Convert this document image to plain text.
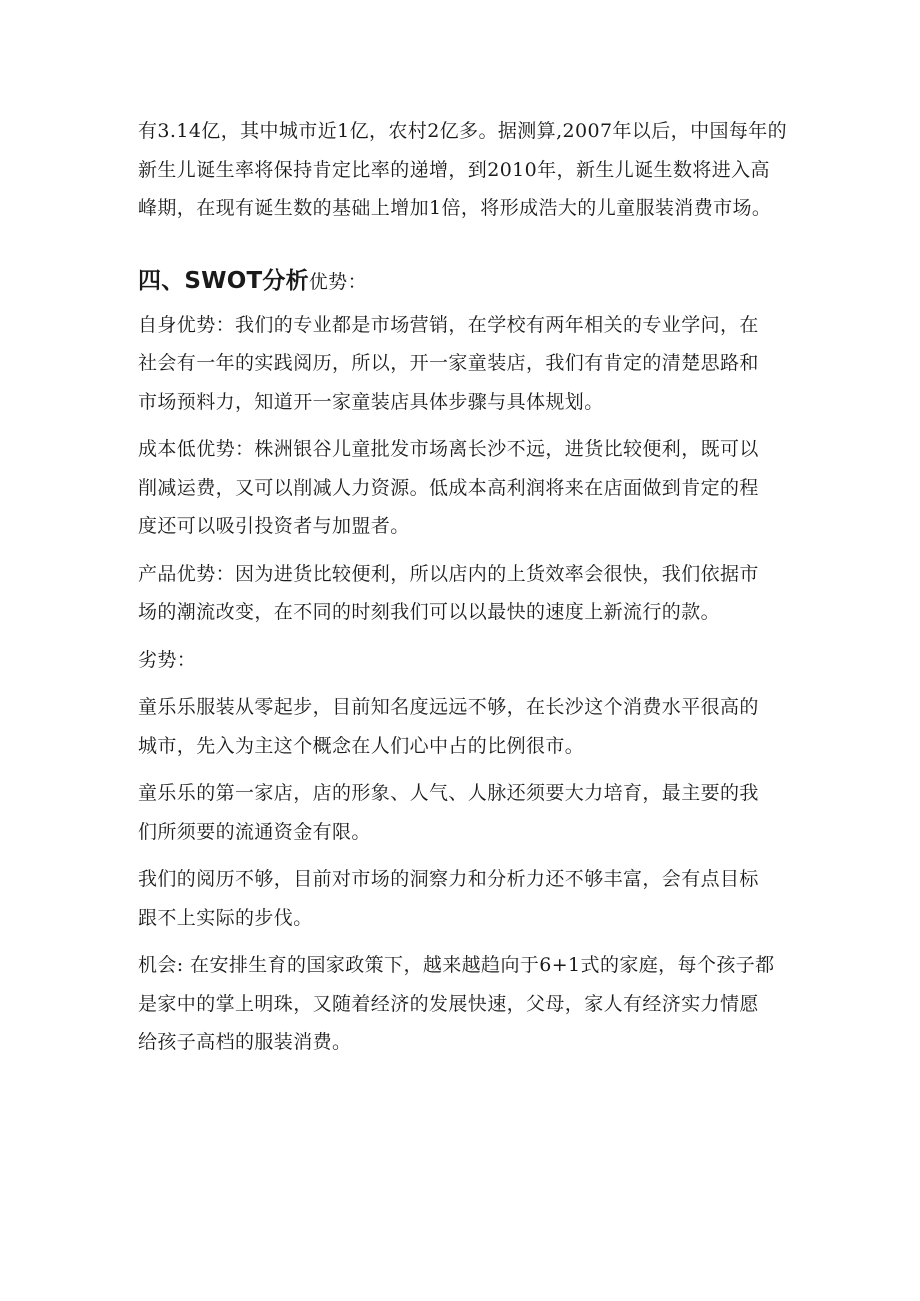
有3.14亿，其中城市近1亿，农村2亿多。据测算,2007年以后，中国每年的
新生儿诞生率将保持肯定比率的递增，到2010年，新生儿诞生数将进入高
峰期，在现有诞生数的基础上增加1倍，将形成浩大的儿童服装消费市场。

四、SWOT分析优势：

自身优势：我们的专业都是市场营销，在学校有两年相关的专业学问，在
社会有一年的实践阅历，所以，开一家童装店，我们有肯定的清楚思路和
市场预料力，知道开一家童装店具体步骤与具体规划。

成本低优势：株洲银谷儿童批发市场离长沙不远，进货比较便利，既可以
削减运费，又可以削减人力资源。低成本高利润将来在店面做到肯定的程
度还可以吸引投资者与加盟者。

产品优势：因为进货比较便利，所以店内的上货效率会很快，我们依据市
场的潮流改变，在不同的时刻我们可以以最快的速度上新流行的款。

劣势：

童乐乐服装从零起步，目前知名度远远不够，在长沙这个消费水平很高的
城市，先入为主这个概念在人们心中占的比例很市。

童乐乐的第一家店，店的形象、人气、人脉还须要大力培育，最主要的我
们所须要的流通资金有限。

我们的阅历不够，目前对市场的洞察力和分析力还不够丰富，会有点目标
跟不上实际的步伐。

机会: 在安排生育的国家政策下，越来越趋向于6+1式的家庭，每个孩子都
是家中的掌上明珠，又随着经济的发展快速，父母，家人有经济实力情愿
给孩子高档的服装消费。
